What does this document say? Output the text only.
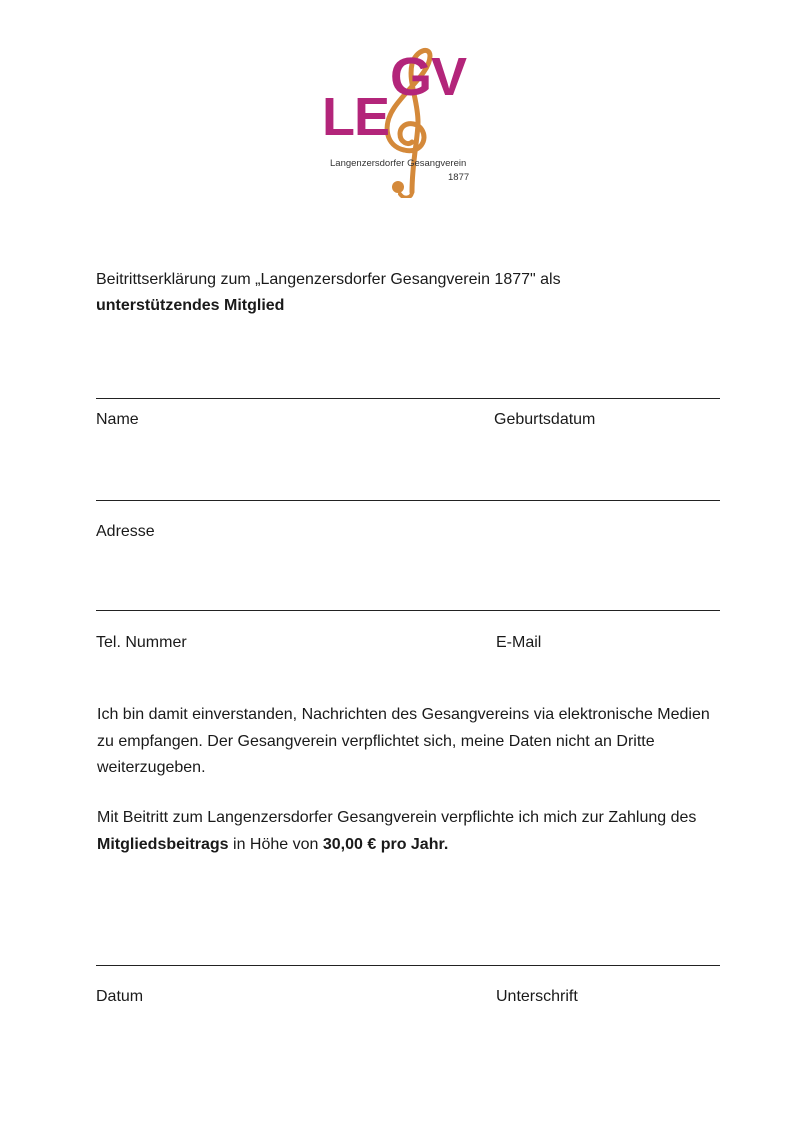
GV
LE
Langenzersdorfer Gesangverein
1877
Beitrittserklärung zum „Langenzersdorfer Gesangverein 1877" als
unterstützendes Mitglied
Name	Geburtsdatum
Adresse
Tel. Nummer	E-Mail
Ich bin damit einverstanden, Nachrichten des Gesangvereins via elektronische Medien zu empfangen. Der Gesangverein verpflichtet sich, meine Daten nicht an Dritte weiterzugeben.
Mit Beitritt zum Langenzersdorfer Gesangverein verpflichte ich mich zur Zahlung des Mitgliedsbeitrags in Höhe von 30,00 € pro Jahr.
Datum	Unterschrift
